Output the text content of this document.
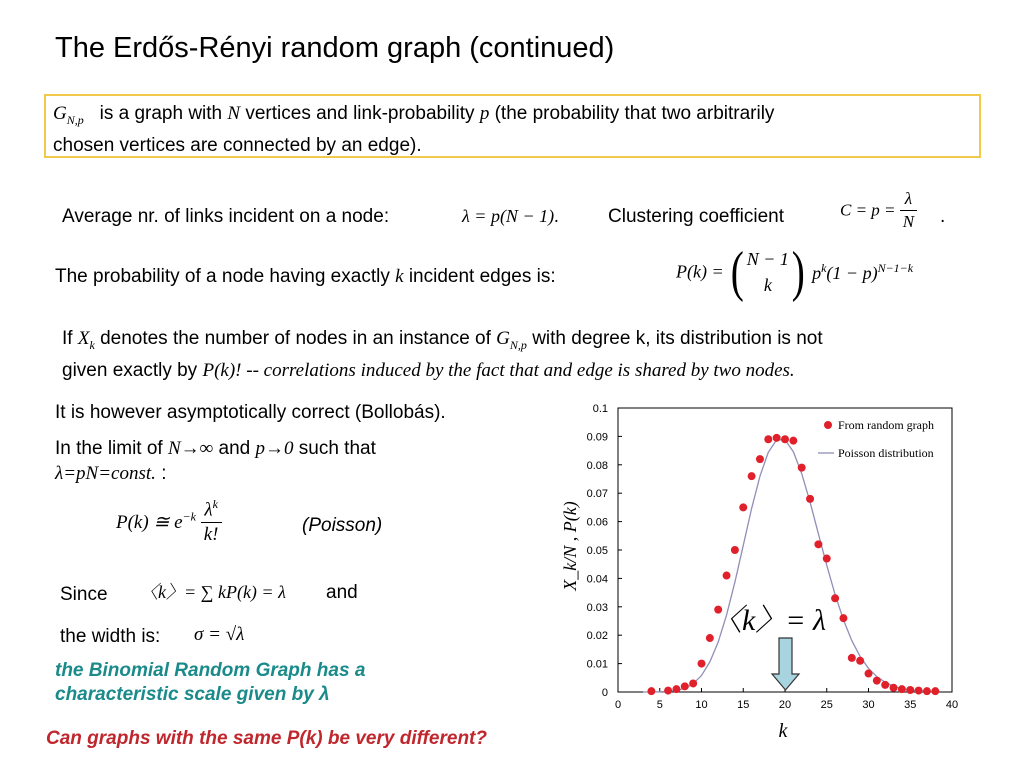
The Erdős-Rényi random graph (continued)
$G_{N,p}$ is a graph with N vertices and link-probability p (the probability that two arbitrarily
chosen vertices are connected by an edge).
Average nr. of links incident on a node:	λ = p(N − 1).	Clustering coefficient	$C = p = \frac{\lambda}{N}$ .
The probability of a node having exactly k incident edges is:	P(k) = ( N − 1
k ) $p^k(1 - p)^{N-1-k}$
If $X_k$ denotes the number of nodes in an instance of $G_{N,p}$ with degree k, its distribution is not
given exactly by P(k)! -- correlations induced by the fact that and edge is shared by two nodes.
It is however asymptotically correct (Bollobás).
In the limit of N→∞ and p→0 such that
λ=pN=const. :
P(k) ≅ $e^{-k} \frac{\lambda^k}{k!}$	(Poisson)
Since 〈k〉= ∑ kP(k) = λ and
the width is: σ = √λ
the Binomial Random Graph has a
characteristic scale given by λ
Can graphs with the same P(k) be very different?
0	5	10	15	20	25	30	35	40
0
0.01
0.02
0.03
0.04
0.05
0.06
0.07
0.08
0.09
0.1
k
X_k/N , P(k)
From random graph
Poisson distribution
〈k〉= λ
